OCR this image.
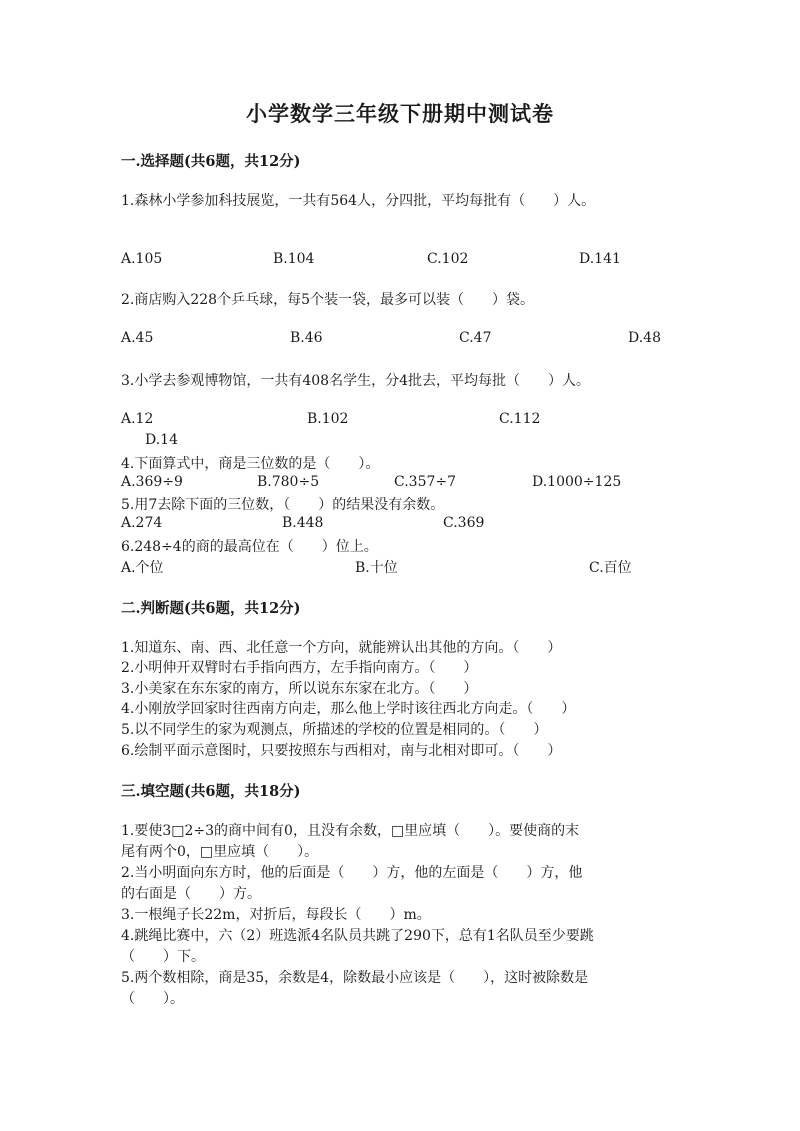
小学数学三年级下册期中测试卷
一.选择题(共6题，共12分)
1.森林小学参加科技展览，一共有564人，分四批，平均每批有（　　）人。
A.105	B.104	C.102	D.141
2.商店购入228个乒乓球，每5个装一袋，最多可以装（　　）袋。
A.45	B.46	C.47	D.48
3.小学去参观博物馆，一共有408名学生，分4批去，平均每批（　　）人。
A.12	B.102	C.112
D.14
4.下面算式中，商是三位数的是（　　）。
A.369÷9	B.780÷5	C.357÷7	D.1000÷125
5.用7去除下面的三位数，（　　）的结果没有余数。
A.274	B.448	C.369
6.248÷4的商的最高位在（　　）位上。
A.个位	B.十位	C.百位
二.判断题(共6题，共12分)
1.知道东、南、西、北任意一个方向，就能辨认出其他的方向。（　　）
2.小明伸开双臂时右手指向西方，左手指向南方。（　　）
3.小美家在东东家的南方，所以说东东家在北方。（　　）
4.小刚放学回家时往西南方向走，那么他上学时该往西北方向走。（　　）
5.以不同学生的家为观测点，所描述的学校的位置是相同的。（　　）
6.绘制平面示意图时，只要按照东与西相对，南与北相对即可。（　　）
三.填空题(共6题，共18分)
1.要使3□2÷3的商中间有0，且没有余数，□里应填（　　）。要使商的末
尾有两个0，□里应填（　　）。
2.当小明面向东方时，他的后面是（　　）方，他的左面是（　　）方，他
的右面是（　　）方。
3.一根绳子长22m，对折后，每段长（　　）m。
4.跳绳比赛中，六（2）班选派4名队员共跳了290下，总有1名队员至少要跳
（　　）下。
5.两个数相除，商是35，余数是4，除数最小应该是（　　），这时被除数是
（　　）。
